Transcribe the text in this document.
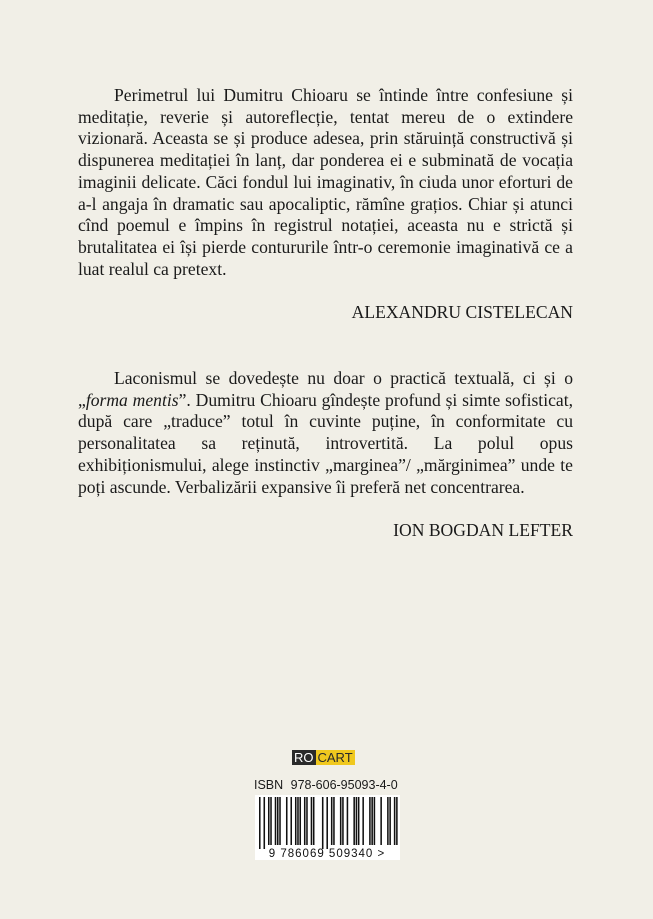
Perimetrul lui Dumitru Chioaru se întinde între confesiune și meditație, reverie și autoreflecție, tentat mereu de o extindere vizionară. Aceasta se și produce adesea, prin stăruință constructivă și dispunerea meditației în lanț, dar ponderea ei e subminată de vocația imaginii delicate. Căci fondul lui imaginativ, în ciuda unor eforturi de a-l angaja în dramatic sau apocaliptic, rămîne grațios. Chiar și atunci cînd poemul e împins în registrul notației, aceasta nu e strictă și brutalitatea ei își pierde contururile într-o ceremonie imaginativă ce a luat realul ca pretext.

ALEXANDRU CISTELECAN

Laconismul se dovedește nu doar o practică textuală, ci și o „forma mentis”. Dumitru Chioaru gîndește profund și simte sofisticat, după care „traduce” totul în cuvinte puține, în conformitate cu personalitatea sa reținută, introvertită. La polul opus exhibiționismului, alege instinctiv „marginea”/ „mărginimea” unde te poți ascunde. Verbalizării expansive îi preferă net concentrarea.

ION BOGDAN LEFTER
RO CART
ISBN 978-606-95093-4-0
9 786069 509340 >
